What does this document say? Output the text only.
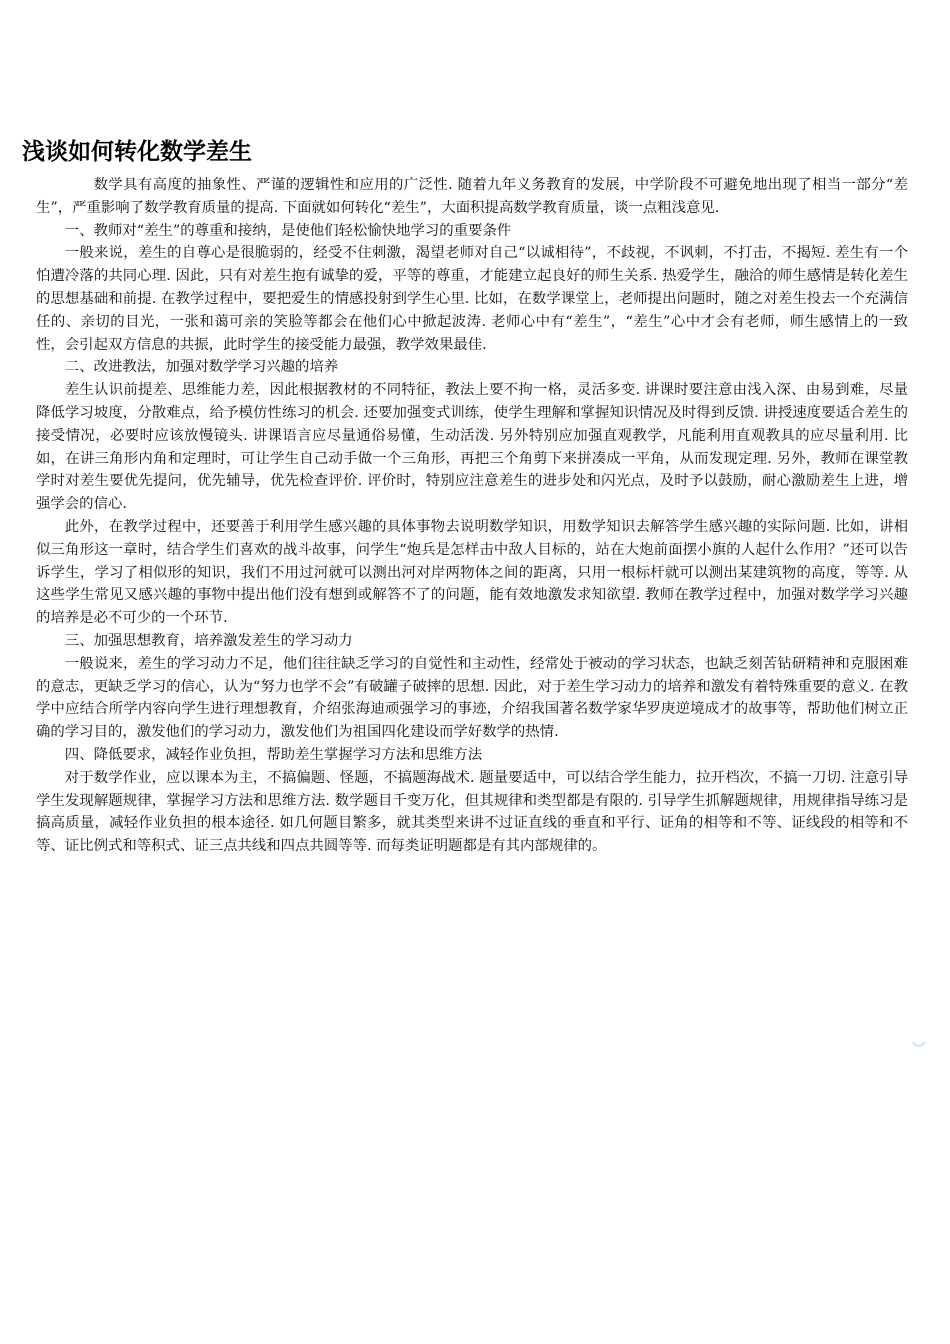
浅谈如何转化数学差生

数学具有高度的抽象性、严谨的逻辑性和应用的广泛性. 随着九年义务教育的发展，中学阶段不可避免地出现了相当一部分“差生”，严重影响了数学教育质量的提高. 下面就如何转化“差生”，大面积提高数学教育质量，谈一点粗浅意见.

一、教师对“差生”的尊重和接纳，是使他们轻松愉快地学习的重要条件

一般来说，差生的自尊心是很脆弱的，经受不住刺激，渴望老师对自己“以诚相待”，不歧视，不讽刺，不打击，不揭短. 差生有一个怕遭冷落的共同心理. 因此，只有对差生抱有诚挚的爱，平等的尊重，才能建立起良好的师生关系. 热爱学生，融洽的师生感情是转化差生的思想基础和前提. 在教学过程中，要把爱生的情感投射到学生心里. 比如，在数学课堂上，老师提出问题时，随之对差生投去一个充满信任的、亲切的目光，一张和蔼可亲的笑脸等都会在他们心中掀起波涛. 老师心中有“差生”，“差生”心中才会有老师，师生感情上的一致性，会引起双方信息的共振，此时学生的接受能力最强，教学效果最佳.

二、改进教法，加强对数学学习兴趣的培养

差生认识前提差、思维能力差，因此根据教材的不同特征，教法上要不拘一格，灵活多变. 讲课时要注意由浅入深、由易到难，尽量降低学习坡度，分散难点，给予模仿性练习的机会. 还要加强变式训练，使学生理解和掌握知识情况及时得到反馈. 讲授速度要适合差生的接受情况，必要时应该放慢镜头. 讲课语言应尽量通俗易懂，生动活泼. 另外特别应加强直观教学，凡能利用直观教具的应尽量利用. 比如，在讲三角形内角和定理时，可让学生自己动手做一个三角形，再把三个角剪下来拼凑成一平角，从而发现定理. 另外，教师在课堂教学时对差生要优先提问，优先辅导，优先检查评价. 评价时，特别应注意差生的进步处和闪光点，及时予以鼓励，耐心激励差生上进，增强学会的信心.

此外，在教学过程中，还要善于利用学生感兴趣的具体事物去说明数学知识，用数学知识去解答学生感兴趣的实际问题. 比如，讲相似三角形这一章时，结合学生们喜欢的战斗故事，问学生“炮兵是怎样击中敌人目标的，站在大炮前面摆小旗的人起什么作用？”还可以告诉学生，学习了相似形的知识，我们不用过河就可以测出河对岸两物体之间的距离，只用一根标杆就可以测出某建筑物的高度，等等. 从这些学生常见又感兴趣的事物中提出他们没有想到或解答不了的问题，能有效地激发求知欲望. 教师在教学过程中，加强对数学学习兴趣的培养是必不可少的一个环节.

三、加强思想教育，培养激发差生的学习动力

一般说来，差生的学习动力不足，他们往往缺乏学习的自觉性和主动性，经常处于被动的学习状态，也缺乏刻苦钻研精神和克服困难的意志，更缺乏学习的信心，认为“努力也学不会”有破罐子破摔的思想. 因此，对于差生学习动力的培养和激发有着特殊重要的意义. 在教学中应结合所学内容向学生进行理想教育，介绍张海迪顽强学习的事迹，介绍我国著名数学家华罗庚逆境成才的故事等，帮助他们树立正确的学习目的，激发他们的学习动力，激发他们为祖国四化建设而学好数学的热情.

四、降低要求，减轻作业负担，帮助差生掌握学习方法和思维方法

对于数学作业，应以课本为主，不搞偏题、怪题，不搞题海战术. 题量要适中，可以结合学生能力，拉开档次，不搞一刀切. 注意引导学生发现解题规律，掌握学习方法和思维方法. 数学题目千变万化，但其规律和类型都是有限的. 引导学生抓解题规律，用规律指导练习是搞高质量，减轻作业负担的根本途径. 如几何题目繁多，就其类型来讲不过证直线的垂直和平行、证角的相等和不等、证线段的相等和不等、证比例式和等积式、证三点共线和四点共圆等等. 而每类证明题都是有其内部规律的。
